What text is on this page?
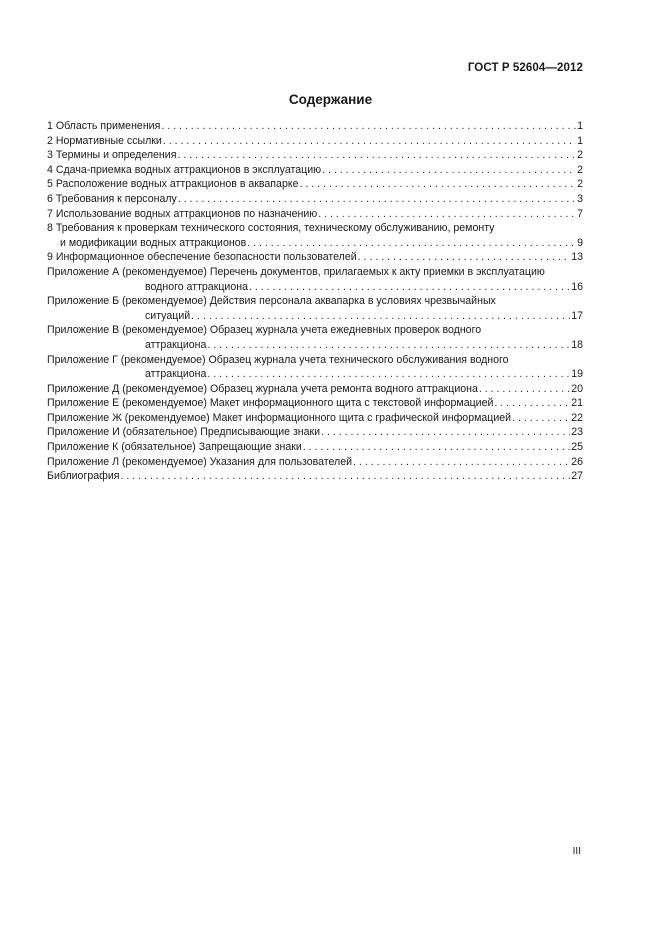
ГОСТ Р 52604—2012
Содержание
1 Область применения . . .	1
2 Нормативные ссылки . . .	1
3 Термины и определения . . .	2
4 Сдача-приемка водных аттракционов в эксплуатацию . . .	2
5 Расположение водных аттракционов в аквапарке . . .	2
6 Требования к персоналу . . .	3
7 Использование водных аттракционов по назначению . . .	7
8 Требования к проверкам технического состояния, техническому обслуживанию, ремонту
и модификации водных аттракционов . . .	9
9 Информационное обеспечение безопасности пользователей . . .	13
Приложение А (рекомендуемое) Перечень документов, прилагаемых к акту приемки в эксплуатацию
водного аттракциона . . .	16
Приложение Б (рекомендуемое) Действия персонала аквапарка в условиях чрезвычайных
ситуаций . . .	17
Приложение В (рекомендуемое) Образец журнала учета ежедневных проверок водного
аттракциона . . .	18
Приложение Г (рекомендуемое) Образец журнала учета технического обслуживания водного
аттракциона . . .	19
Приложение Д (рекомендуемое) Образец журнала учета ремонта водного аттракциона . . .	20
Приложение Е (рекомендуемое) Макет информационного щита с текстовой информацией . . .	21
Приложение Ж (рекомендуемое) Макет информационного щита с графической информацией . . .	22
Приложение И (обязательное) Предписывающие знаки . . .	23
Приложение К (обязательное) Запрещающие знаки . . .	25
Приложение Л (рекомендуемое) Указания для пользователей . . .	26
Библиография . . .	27
III
